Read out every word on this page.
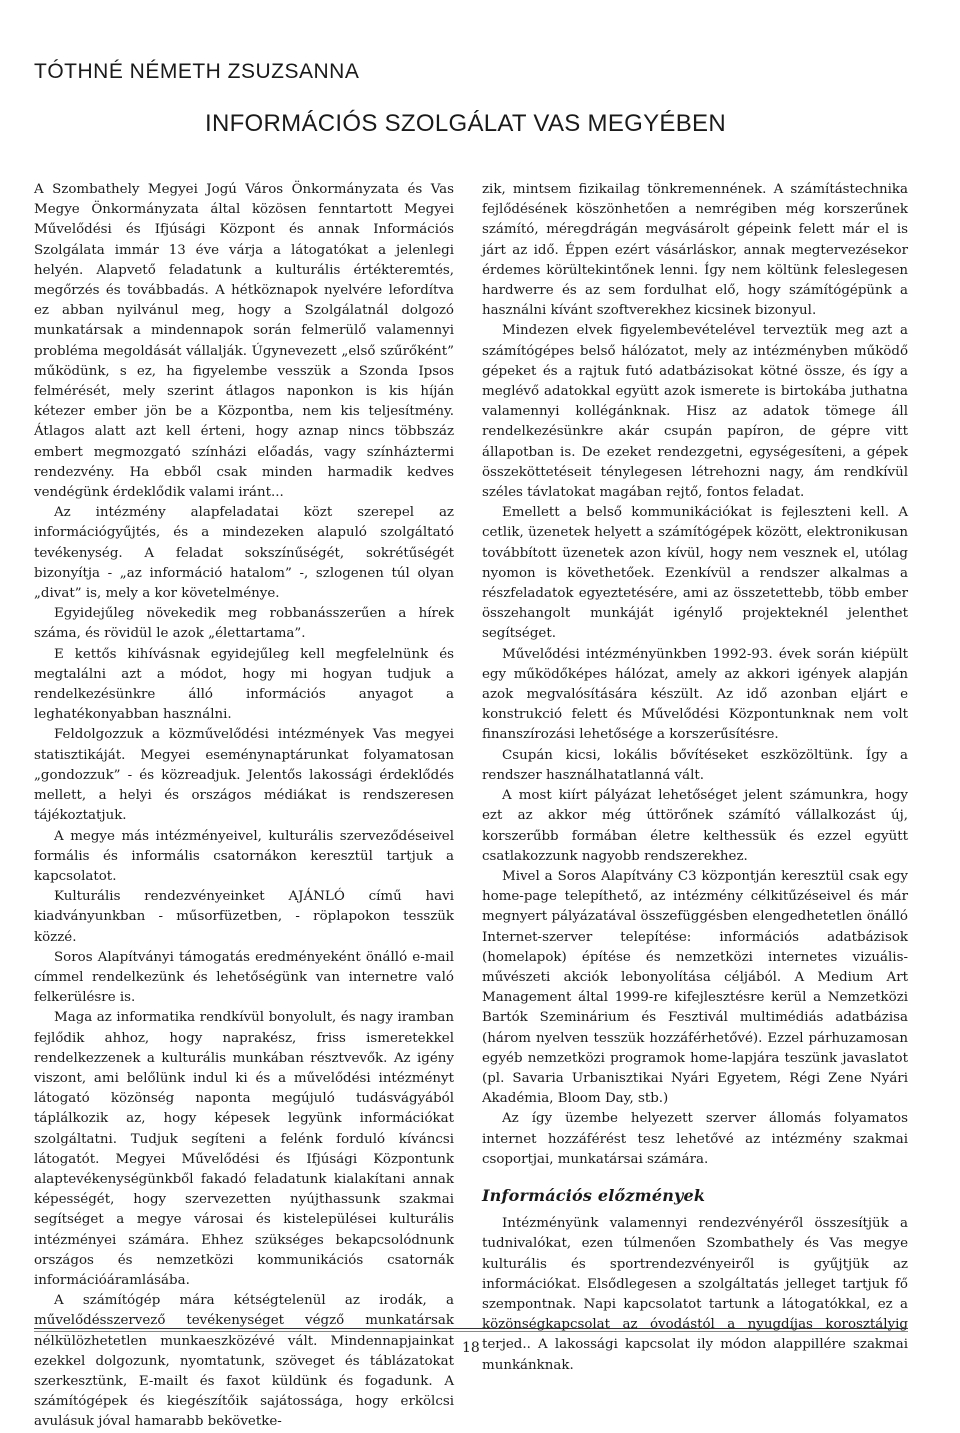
TÓTHNÉ NÉMETH ZSUZSANNA
INFORMÁCIÓS SZOLGÁLAT VAS MEGYÉBEN

A Szombathely Megyei Jogú Város Önkormányzata és Vas Megye Önkormányzata által közösen fenntartott Megyei Művelődési és Ifjúsági Központ és annak Információs Szolgálata immár 13 éve várja a látogatókat a jelenlegi helyén. Alapvető feladatunk a kulturális értékteremtés, megőrzés és továbbadás. A hétköznapok nyelvére lefordítva ez abban nyilvánul meg, hogy a Szolgálatnál dolgozó munkatársak a mindennapok során felmerülő valamennyi probléma megoldását vállalják. Úgynevezett „első szűrőként” működünk, s ez, ha figyelembe vesszük a Szonda Ipsos felmérését, mely szerint átlagos naponkon is kis híján kétezer ember jön be a Központba, nem kis teljesítmény. Átlagos alatt azt kell érteni, hogy aznap nincs többszáz embert megmozgató színházi előadás, vagy színháztermi rendezvény. Ha ebből csak minden harmadik kedves vendégünk érdeklődik valami iránt...

Az intézmény alapfeladatai közt szerepel az információgyűjtés, és a mindezeken alapuló szolgáltató tevékenység. A feladat sokszínűségét, sokrétűségét bizonyítja - „az információ hatalom” -, szlogenen túl olyan „divat” is, mely a kor követelménye.

Egyidejűleg növekedik meg robbanásszerűen a hírek száma, és rövidül le azok „élettartama”.

E kettős kihívásnak egyidejűleg kell megfelelnünk és megtalálni azt a módot, hogy mi hogyan tudjuk a rendelkezésünkre álló információs anyagot a leghatékonyabban használni.

Feldolgozzuk a közművelődési intézmények Vas megyei statisztikáját. Megyei eseménynaptárunkat folyamatosan „gondozzuk” - és közreadjuk. Jelentős lakossági érdeklődés mellett, a helyi és országos médiákat is rendszeresen tájékoztatjuk.

A megye más intézményeivel, kulturális szerveződéseivel formális és informális csatornákon keresztül tartjuk a kapcsolatot.

Kulturális rendezvényeinket AJÁNLÓ című havi kiadványunkban - műsorfüzetben, - röplapokon tesszük közzé.

Soros Alapítványi támogatás eredményeként önálló e-mail címmel rendelkezünk és lehetőségünk van internetre való felkerülésre is.

Maga az informatika rendkívül bonyolult, és nagy iramban fejlődik ahhoz, hogy naprakész, friss ismeretekkel rendelkezzenek a kulturális munkában résztvevők. Az igény viszont, ami belőlünk indul ki és a művelődési intézményt látogató közönség naponta megújuló tudásvágyából táplálkozik az, hogy képesek legyünk információkat szolgáltatni. Tudjuk segíteni a felénk forduló kíváncsi látogatót. Megyei Művelődési és Ifjúsági Központunk alaptevékenységünkből fakadó feladatunk kialakítani annak képességét, hogy szervezetten nyújthassunk szakmai segítséget a megye városai és kistelepülései kulturális intézményei számára. Ehhez szükséges bekapcsolódnunk országos és nemzetközi kommunikációs csatornák információáramlásába.

A számítógép mára kétségtelenül az irodák, a művelődésszervező tevékenységet végző munkatársak nélkülözhetetlen munkaeszközévé vált. Mindennapjainkat ezekkel dolgozunk, nyomtatunk, szöveget és táblázatokat szerkesztünk, E-mailt és faxot küldünk és fogadunk. A számítógépek és kiegészítőik sajátossága, hogy erkölcsi avulásuk jóval hamarabb bekövetke-

zik, mintsem fizikailag tönkremennének. A számítástechnika fejlődésének köszönhetően a nemrégiben még korszerűnek számító, méregdrágán megvásárolt gépeink felett már el is járt az idő. Éppen ezért vásárláskor, annak megtervezésekor érdemes körültekintőnek lenni. Így nem költünk feleslegesen hardwerre és az sem fordulhat elő, hogy számítógépünk a használni kívánt szoftverekhez kicsinek bizonyul.

Mindezen elvek figyelembevételével terveztük meg azt a számítógépes belső hálózatot, mely az intézményben működő gépeket és a rajtuk futó adatbázisokat kötné össze, és így a meglévő adatokkal együtt azok ismerete is birtokába juthatna valamennyi kollégánknak. Hisz az adatok tömege áll rendelkezésünkre akár csupán papíron, de gépre vitt állapotban is. De ezeket rendezgetni, egységesíteni, a gépek összeköttetéseit ténylegesen létrehozni nagy, ám rendkívül széles távlatokat magában rejtő, fontos feladat.

Emellett a belső kommunikációkat is fejleszteni kell. A cetlik, üzenetek helyett a számítógépek között, elektronikusan továbbított üzenetek azon kívül, hogy nem vesznek el, utólag nyomon is követhetőek. Ezenkívül a rendszer alkalmas a részfeladatok egyeztetésére, ami az összetettebb, több ember összehangolt munkáját igénylő projekteknél jelenthet segítséget.

Művelődési intézményünkben 1992-93. évek során kiépült egy működőképes hálózat, amely az akkori igények alapján azok megvalósítására készült. Az idő azonban eljárt e konstrukció felett és Művelődési Központunknak nem volt finanszírozási lehetősége a korszerűsítésre.

Csupán kicsi, lokális bővítéseket eszközöltünk. Így a rendszer használhatatlanná vált.

A most kiírt pályázat lehetőséget jelent számunkra, hogy ezt az akkor még úttörőnek számító vállalkozást új, korszerűbb formában életre kelthessük és ezzel együtt csatlakozzunk nagyobb rendszerekhez.

Mivel a Soros Alapítvány C3 központján keresztül csak egy home-page telepíthető, az intézmény célkitűzéseivel és már megnyert pályázatával összefüggésben elengedhetetlen önálló Internet-szerver telepítése: információs adatbázisok (homelapok) építése és nemzetközi internetes vizuális-művészeti akciók lebonyolítása céljából. A Medium Art Management által 1999-re kifejlesztésre kerül a Nemzetközi Bartók Szeminárium és Fesztivál multimédiás adatbázisa (három nyelven tesszük hozzáférhetővé). Ezzel párhuzamosan egyéb nemzetközi programok home-lapjára teszünk javaslatot (pl. Savaria Urbanisztikai Nyári Egyetem, Régi Zene Nyári Akadémia, Bloom Day, stb.)

Az így üzembe helyezett szerver állomás folyamatos internet hozzáférést tesz lehetővé az intézmény szakmai csoportjai, munkatársai számára.

Információs előzmények

Intézményünk valamennyi rendezvényéről összesítjük a tudnivalókat, ezen túlmenően Szombathely és Vas megye kulturális és sportrendezvényeiről is gyűjtjük az információkat. Elsődlegesen a szolgáltatás jelleget tartjuk fő szempontnak. Napi kapcsolatot tartunk a látogatókkal, ez a közönségkapcsolat az óvodástól a nyugdíjas korosztályig terjed.. A lakossági kapcsolat ily módon alappillére szakmai munkánknak.

18
